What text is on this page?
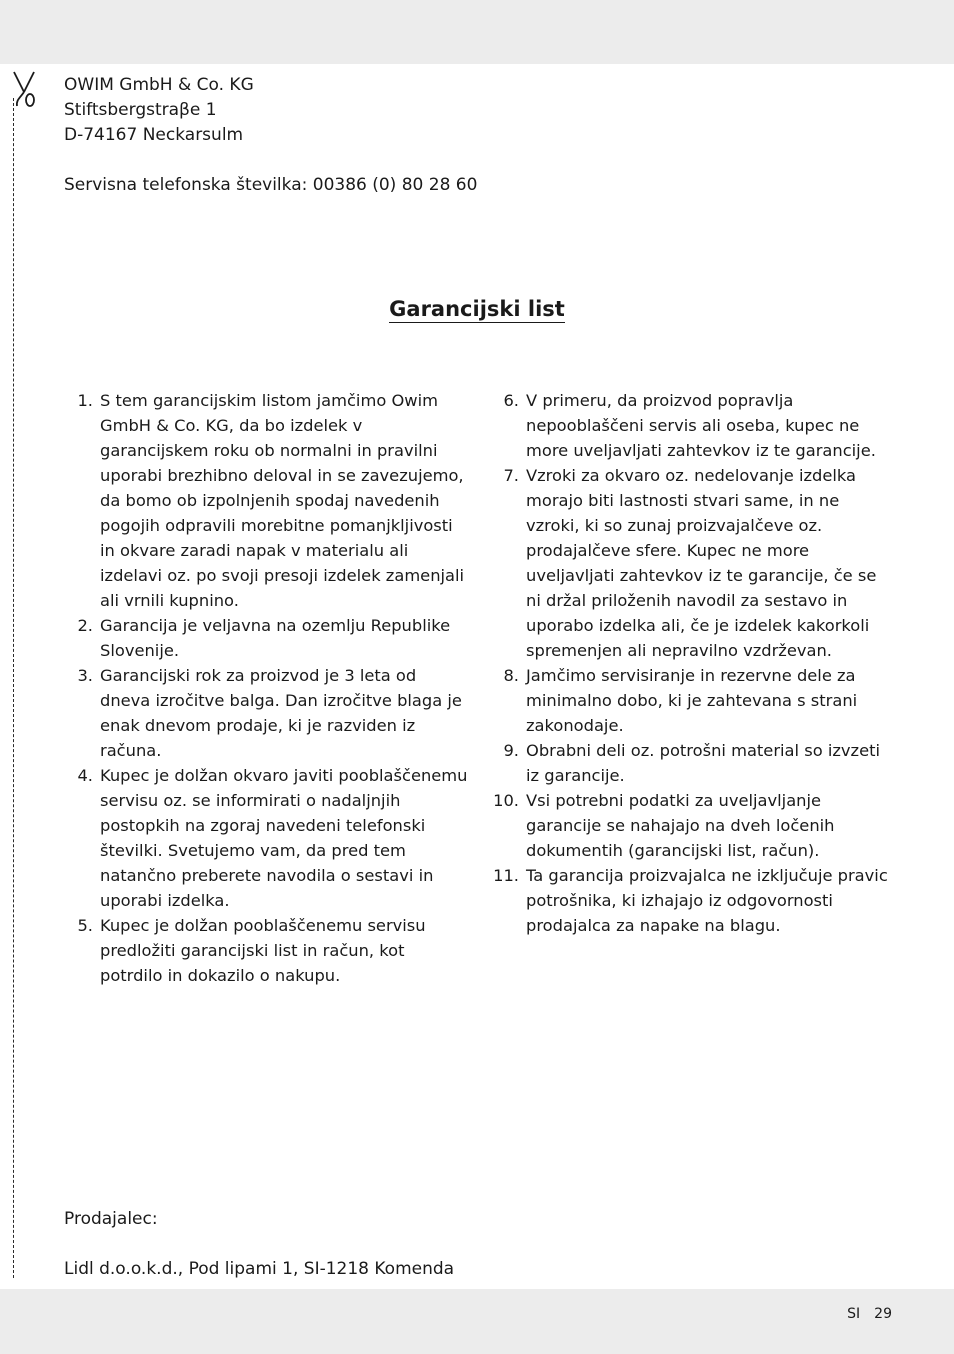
OWIM GmbH & Co. KG
Stiftsbergstraβe 1
D-74167 Neckarsulm
Servisna telefonska številka: 00386 (0) 80 28 60
Garancijski list
1. S tem garancijskim listom jamčimo Owim GmbH & Co. KG, da bo izdelek v garancijskem roku ob normalni in pravilni uporabi brezhibno deloval in se zavezujemo, da bomo ob izpolnjenih spodaj navedenih pogojih odpravili morebitne pomanjkljivosti in okvare zaradi napak v materialu ali izdelavi oz. po svoji presoji izdelek zamenjali ali vrnili kupnino.
2. Garancija je veljavna na ozemlju Republike Slovenije.
3. Garancijski rok za proizvod je 3 leta od dneva izročitve balga. Dan izročitve blaga je enak dnevom prodaje, ki je razviden iz računa.
4. Kupec je dolžan okvaro javiti pooblaščenemu servisu oz. se informirati o nadaljnjih postopkih na zgoraj navedeni telefonski številki. Svetujemo vam, da pred tem natančno preberete navodila o sestavi in uporabi izdelka.
5. Kupec je dolžan pooblaščenemu servisu predložiti garancijski list in račun, kot potrdilo in dokazilo o nakupu.
6. V primeru, da proizvod popravlja nepooblaščeni servis ali oseba, kupec ne more uveljavljati zahtevkov iz te garancije.
7. Vzroki za okvaro oz. nedelovanje izdelka morajo biti lastnosti stvari same, in ne vzroki, ki so zunaj proizvajalčeve oz. prodajalčeve sfere. Kupec ne more uveljavljati zahtevkov iz te garancije, če se ni držal priloženih navodil za sestavo in uporabo izdelka ali, če je izdelek kakorkoli spremenjen ali nepravilno vzdrževan.
8. Jamčimo servisiranje in rezervne dele za minimalno dobo, ki je zahtevana s strani zakonodaje.
9. Obrabni deli oz. potrošni material so izvzeti iz garancije.
10. Vsi potrebni podatki za uveljavljanje garancije se nahajajo na dveh ločenih dokumentih (garancijski list, račun).
11. Ta garancija proizvajalca ne izključuje pravic potrošnika, ki izhajajo iz odgovornosti prodajalca za napake na blagu.
Prodajalec:
Lidl d.o.o.k.d., Pod lipami 1, SI-1218 Komenda
SI 29
